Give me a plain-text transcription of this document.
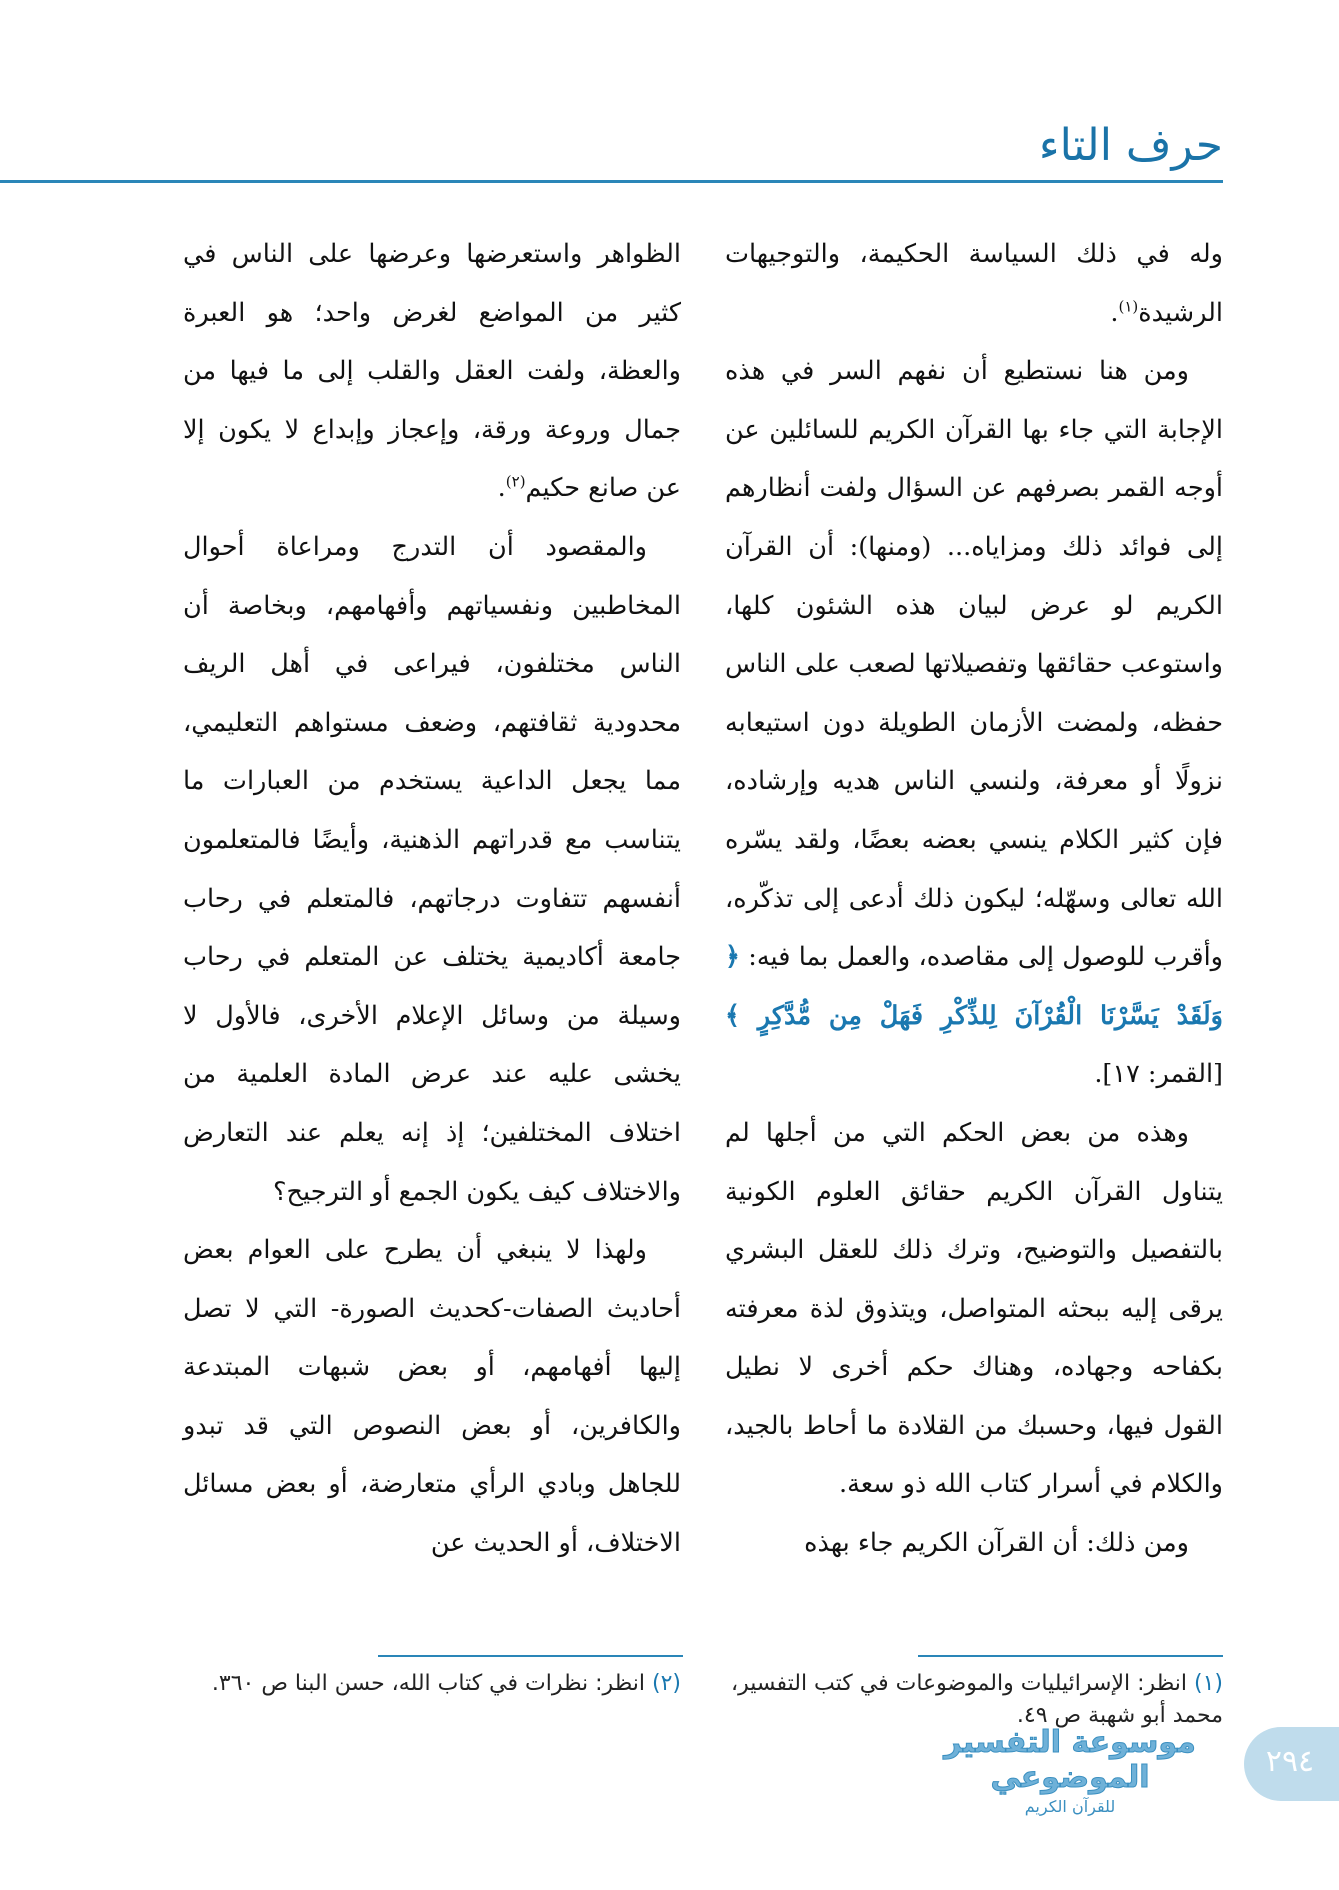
حرف التاء

وله في ذلك السياسة الحكيمة، والتوجيهات الرشيدة$^{(١)}$.

ومن هنا نستطيع أن نفهم السر في هذه الإجابة التي جاء بها القرآن الكريم للسائلين عن أوجه القمر بصرفهم عن السؤال ولفت أنظارهم إلى فوائد ذلك ومزاياه... (ومنها): أن القرآن الكريم لو عرض لبيان هذه الشئون كلها، واستوعب حقائقها وتفصيلاتها لصعب على الناس حفظه، ولمضت الأزمان الطويلة دون استيعابه نزولًا أو معرفة، ولنسي الناس هديه وإرشاده، فإن كثير الكلام ينسي بعضه بعضًا، ولقد يسّره الله تعالى وسهّله؛ ليكون ذلك أدعى إلى تذكّره، وأقرب للوصول إلى مقاصده، والعمل بما فيه: ﴿ وَلَقَدْ يَسَّرْنَا الْقُرْآنَ لِلذِّكْرِ فَهَلْ مِن مُّدَّكِرٍ ﴾[القمر: ١٧].

وهذه من بعض الحكم التي من أجلها لم يتناول القرآن الكريم حقائق العلوم الكونية بالتفصيل والتوضيح، وترك ذلك للعقل البشري يرقى إليه ببحثه المتواصل، ويتذوق لذة معرفته بكفاحه وجهاده، وهناك حكم أخرى لا نطيل القول فيها، وحسبك من القلادة ما أحاط بالجيد، والكلام في أسرار كتاب الله ذو سعة.

ومن ذلك: أن القرآن الكريم جاء بهذه

الظواهر واستعرضها وعرضها على الناس في كثير من المواضع لغرض واحد؛ هو العبرة والعظة، ولفت العقل والقلب إلى ما فيها من جمال وروعة ورقة، وإعجاز وإبداع لا يكون إلا عن صانع حكيم$^{(٢)}$.

والمقصود أن التدرج ومراعاة أحوال المخاطبين ونفسياتهم وأفهامهم، وبخاصة أن الناس مختلفون، فيراعى في أهل الريف محدودية ثقافتهم، وضعف مستواهم التعليمي، مما يجعل الداعية يستخدم من العبارات ما يتناسب مع قدراتهم الذهنية، وأيضًا فالمتعلمون أنفسهم تتفاوت درجاتهم، فالمتعلم في رحاب جامعة أكاديمية يختلف عن المتعلم في رحاب وسيلة من وسائل الإعلام الأخرى، فالأول لا يخشى عليه عند عرض المادة العلمية من اختلاف المختلفين؛ إذ إنه يعلم عند التعارض والاختلاف كيف يكون الجمع أو الترجيح؟

ولهذا لا ينبغي أن يطرح على العوام بعض أحاديث الصفات-كحديث الصورة- التي لا تصل إليها أفهامهم، أو بعض شبهات المبتدعة والكافرين، أو بعض النصوص التي قد تبدو للجاهل وبادي الرأي متعارضة، أو بعض مسائل الاختلاف، أو الحديث عن

(١) انظر: الإسرائيليات والموضوعات في كتب التفسير، محمد أبو شهبة ص ٤٩.
(٢) انظر: نظرات في كتاب الله، حسن البنا ص ٣٦٠.
موسوعة التفسير الموضوعي
للقرآن الكريم
٢٩٤
